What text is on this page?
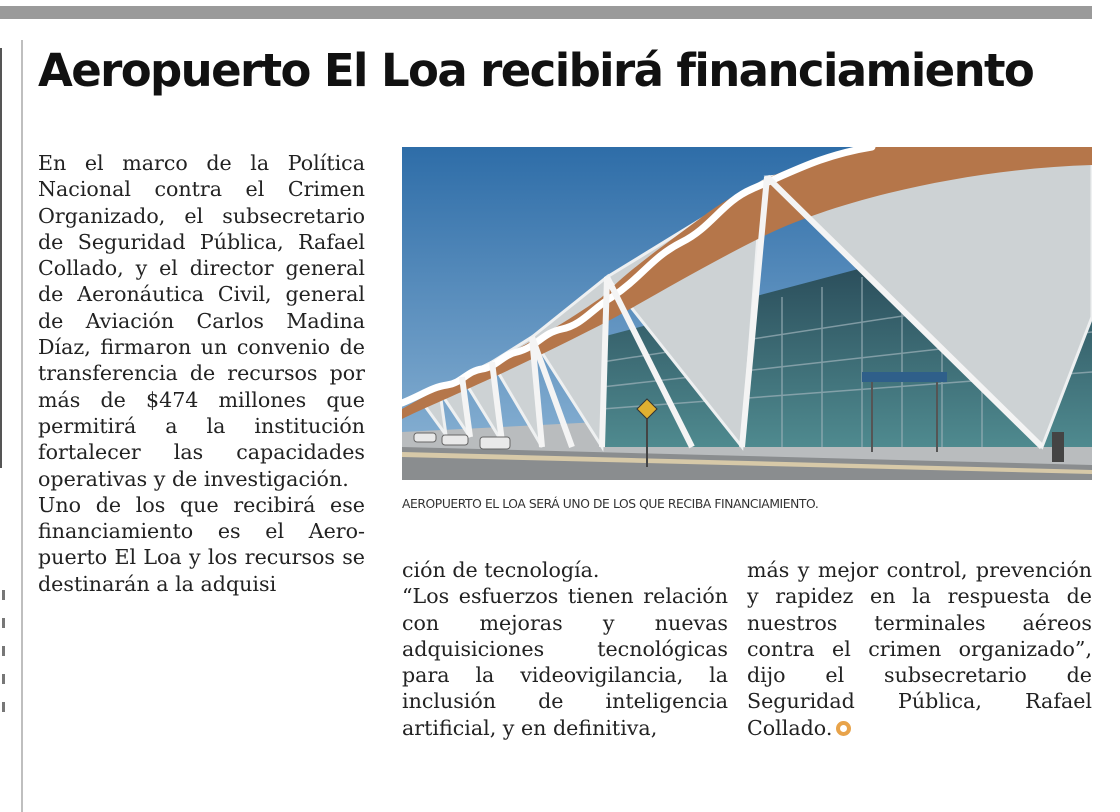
Aeropuerto El Loa recibirá financiamiento

En el marco de la Política Nacional contra el Crimen Organizado, el subsecretario de Seguridad Pública, Rafael Collado, y el director general de Aeronáutica Civil, general de Aviación Carlos Madina Díaz, firmaron un convenio de transferencia de recursos por más de $474 millones que permitirá a la institución fortalecer las capacidades operativas y de investigación.

Uno de los que recibirá ese financiamiento es el Aeropuerto El Loa y los recursos se destinarán a la adquisi

AEROPUERTO EL LOA SERÁ UNO DE LOS QUE RECIBA FINANCIAMIENTO.

ción de tecnología.

“Los esfuerzos tienen relación con mejoras y nuevas adquisiciones tecnológicas para la videovigilancia, la inclusión de inteligencia artificial, y en definitiva,

más y mejor control, prevención y rapidez en la respuesta de nuestros terminales aéreos contra el crimen organizado”, dijo el subsecretario de Seguridad Pública, Rafael Collado.
